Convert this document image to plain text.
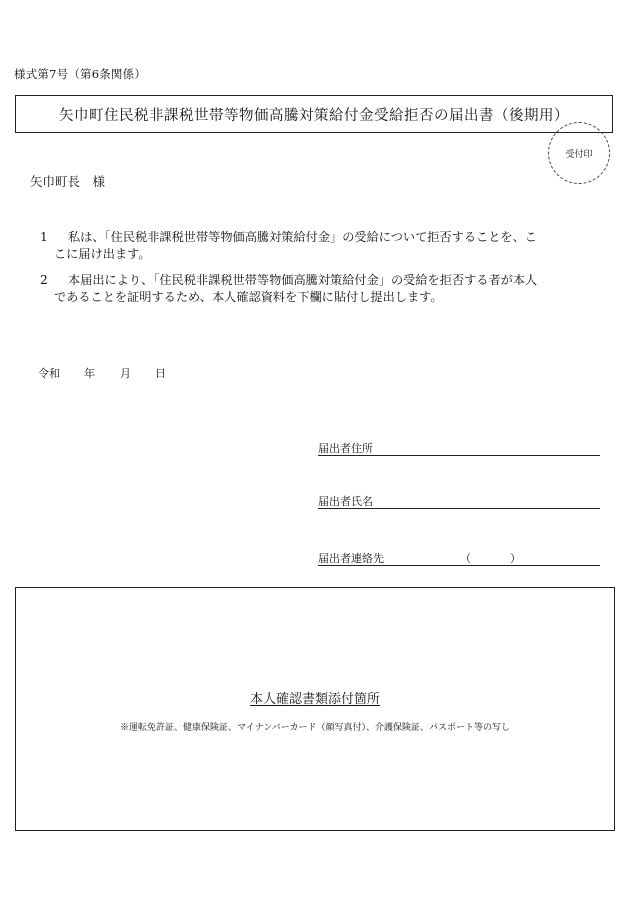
様式第7号（第6条関係）
矢巾町住民税非課税世帯等物価高騰対策給付金受給拒否の届出書（後期用）
受付印
矢巾町長　様
1	私は、「住民税非課税世帯等物価高騰対策給付金」の受給について拒否することを、こ
こに届け出ます。
2	本届出により、「住民税非課税世帯等物価高騰対策給付金」の受給を拒否する者が本人
であることを証明するため、本人確認資料を下欄に貼付し提出します。
令和	年	月	日
届出者住所
届出者氏名
届出者連絡先	（	）
本人確認書類添付箇所
※運転免許証、健康保険証、マイナンバーカード（顔写真付）、介護保険証、パスポート等の写し
